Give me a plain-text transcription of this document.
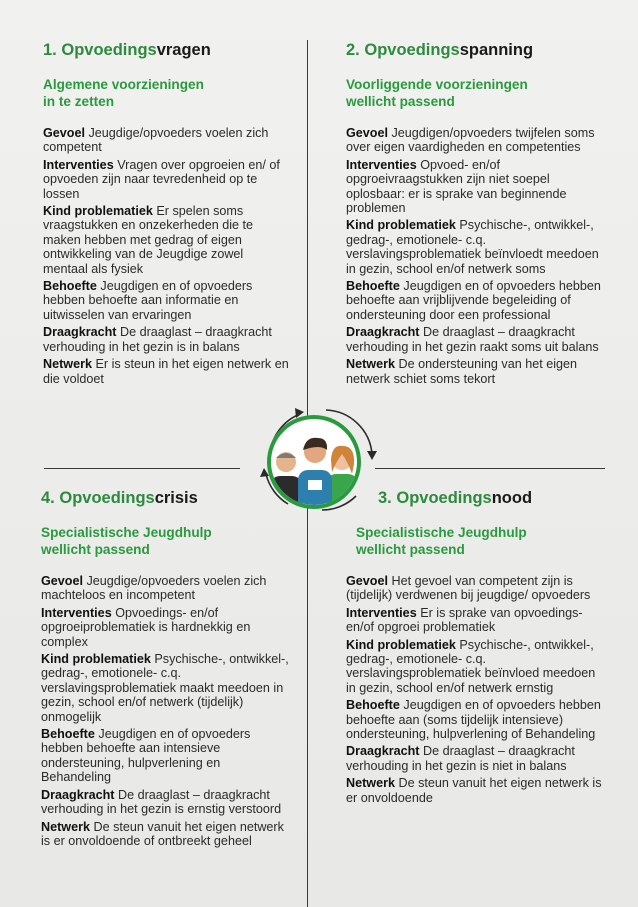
1. Opvoedingsvragen
Algemene voorzieningen
in te zetten
Gevoel Jeugdige/opvoeders voelen zich competent
Interventies Vragen over opgroeien en/ of opvoeden zijn naar tevredenheid op te lossen
Kind problematiek Er spelen soms vraagstukken en onzekerheden die te maken hebben met gedrag of eigen ontwikkeling van de Jeugdige zowel mentaal als fysiek
Behoefte Jeugdigen en of opvoeders hebben behoefte aan informatie en uitwisselen van ervaringen
Draagkracht De draaglast – draagkracht verhouding in het gezin is in balans
Netwerk Er is steun in het eigen netwerk en die voldoet
2. Opvoedingsspanning
Voorliggende voorzieningen
wellicht passend
Gevoel Jeugdigen/opvoeders twijfelen soms over eigen vaardigheden en competenties
Interventies Opvoed- en/of opgroeivraagstukken zijn niet soepel oplosbaar: er is sprake van beginnende problemen
Kind problematiek Psychische-, ontwikkel-, gedrag-, emotionele- c.q. verslavingsproblematiek beïnvloedt meedoen in gezin, school en/of netwerk soms
Behoefte Jeugdigen en of opvoeders hebben behoefte aan vrijblijvende begeleiding of ondersteuning door een professional
Draagkracht De draaglast – draagkracht verhouding in het gezin raakt soms uit balans
Netwerk De ondersteuning van het eigen netwerk schiet soms tekort
4. Opvoedingscrisis
Specialistische Jeugdhulp
wellicht passend
Gevoel Jeugdige/opvoeders voelen zich machteloos en incompetent
Interventies Opvoedings- en/of opgroeiproblematiek is hardnekkig en complex
Kind problematiek Psychische-, ontwikkel-, gedrag-, emotionele- c.q. verslavingsproblematiek maakt meedoen in gezin, school en/of netwerk (tijdelijk) onmogelijk
Behoefte Jeugdigen en of opvoeders hebben behoefte aan intensieve ondersteuning, hulpverlening en Behandeling
Draagkracht De draaglast – draagkracht verhouding in het gezin is ernstig verstoord
Netwerk De steun vanuit het eigen netwerk is er onvoldoende of ontbreekt geheel
3. Opvoedingsnood
Specialistische Jeugdhulp
wellicht passend
Gevoel Het gevoel van competent zijn is (tijdelijk) verdwenen bij jeugdige/ opvoeders
Interventies Er is sprake van opvoedings- en/of opgroei problematiek
Kind problematiek Psychische-, ontwikkel-, gedrag-, emotionele- c.q. verslavingsproblematiek beïnvloed meedoen in gezin, school en/of netwerk ernstig
Behoefte Jeugdigen en of opvoeders hebben behoefte aan (soms tijdelijk intensieve) ondersteuning, hulpverlening of Behandeling
Draagkracht De draaglast – draagkracht verhouding in het gezin is niet in balans
Netwerk De steun vanuit het eigen netwerk is er onvoldoende
